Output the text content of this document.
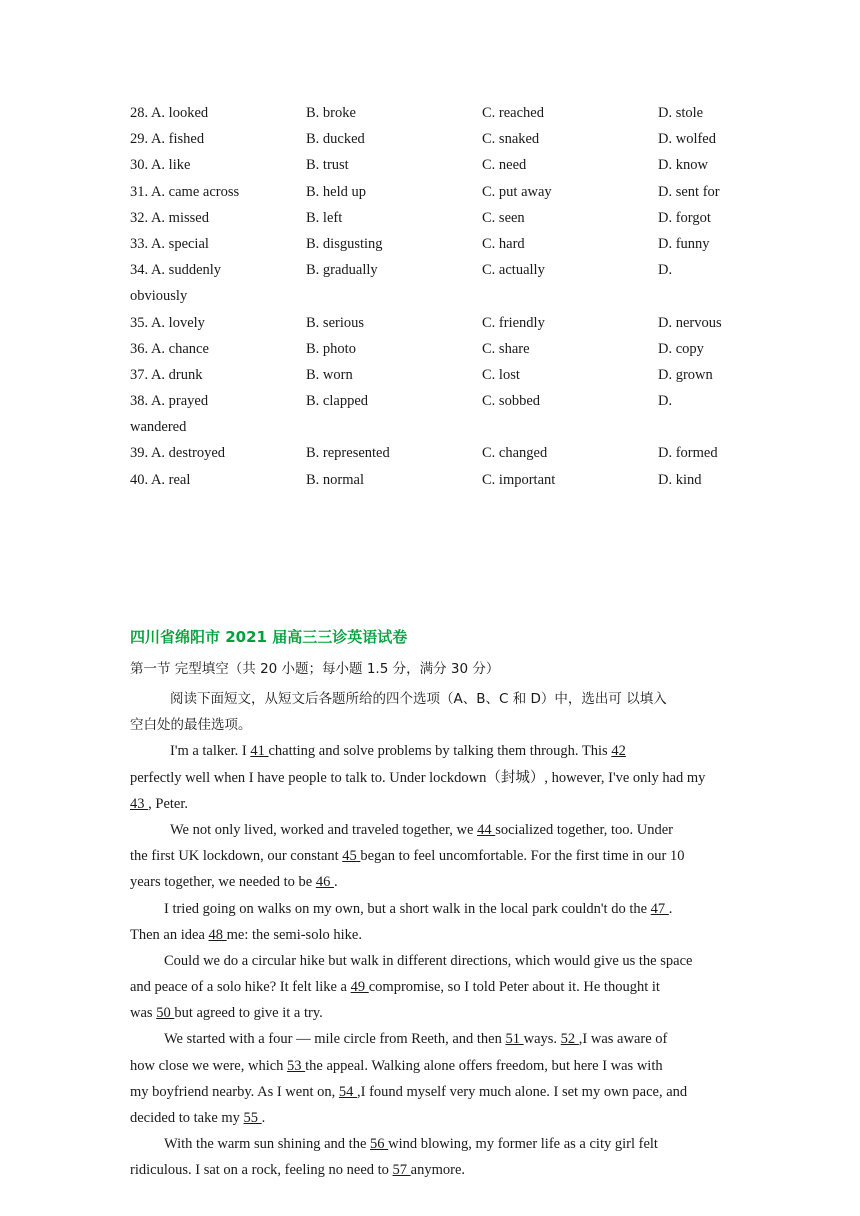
28. A. looked	B. broke	C. reached	D. stole
29. A. fished	B. ducked	C. snaked	D. wolfed
30. A. like	B. trust	C. need	D. know
31. A. came across	B. held up	C. put away	D. sent for
32. A. missed	B. left	C. seen	D. forgot
33. A. special	B. disgusting	C. hard	D. funny
34. A. suddenly	B. gradually	C. actually	D.
obviously
35. A. lovely	B. serious	C. friendly	D. nervous
36. A. chance	B. photo	C. share	D. copy
37. A. drunk	B. worn	C. lost	D. grown
38. A. prayed	B. clapped	C. sobbed	D.
wandered
39. A. destroyed	B. represented	C. changed	D. formed
40. A. real	B. normal	C. important	D. kind
四川省绵阳市 2021 届高三三诊英语试卷
第一节 完型填空（共 20 小题；每小题 1.5 分，满分 30 分）
阅读下面短文，从短文后各题所给的四个选项（A、B、C 和 D）中，选出可 以填入
空白处的最佳选项。
I'm a talker. I 41 chatting and solve problems by talking them through. This 42
perfectly well when I have people to talk to. Under lockdown（封城）, however, I've only had my
43 , Peter.
We not only lived, worked and traveled together, we 44 socialized together, too. Under
the first UK lockdown, our constant 45 began to feel uncomfortable. For the first time in our 10
years together, we needed to be 46 .
I tried going on walks on my own, but a short walk in the local park couldn't do the 47 .
Then an idea 48 me: the semi-solo hike.
Could we do a circular hike but walk in different directions, which would give us the space
and peace of a solo hike? It felt like a 49 compromise, so I told Peter about it. He thought it
was 50 but agreed to give it a try.
We started with a four — mile circle from Reeth, and then 51 ways. 52 ,I was aware of
how close we were, which 53 the appeal. Walking alone offers freedom, but here I was with
my boyfriend nearby. As I went on, 54 ,I found myself very much alone. I set my own pace, and
decided to take my 55 .
With the warm sun shining and the 56 wind blowing, my former life as a city girl felt
ridiculous. I sat on a rock, feeling no need to 57 anymore.
